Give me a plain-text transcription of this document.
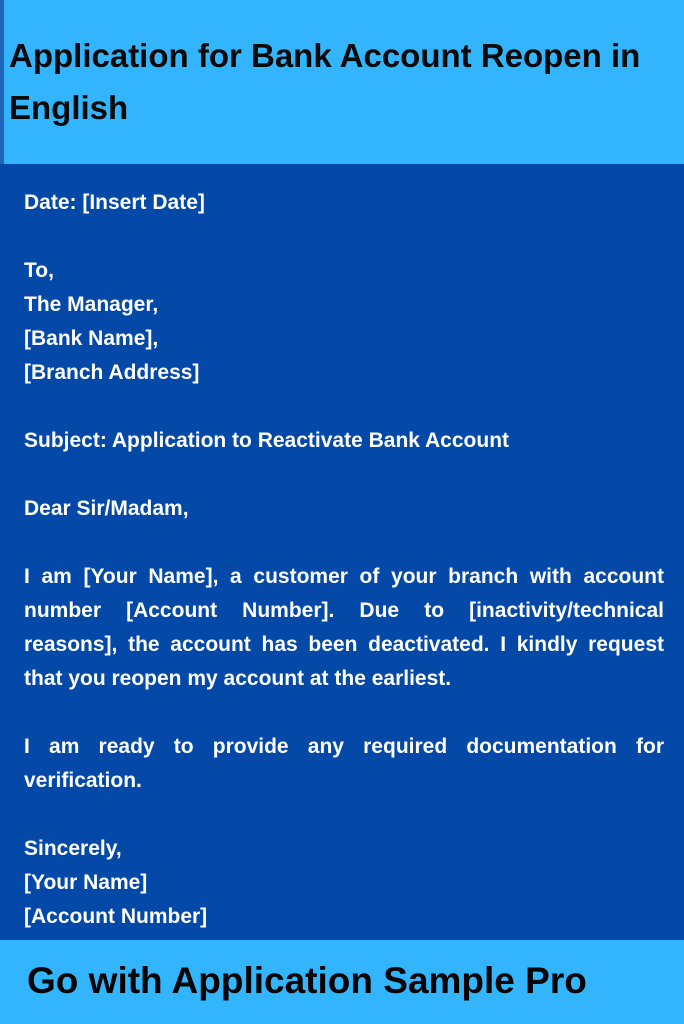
Application for Bank Account Reopen in English

Date: [Insert Date]

To,
The Manager,
[Bank Name],
[Branch Address]

Subject: Application to Reactivate Bank Account

Dear Sir/Madam,

I am [Your Name], a customer of your branch with account number [Account Number]. Due to [inactivity/technical reasons], the account has been deactivated. I kindly request that you reopen my account at the earliest.

I am ready to provide any required documentation for verification.

Sincerely,
[Your Name]
[Account Number]

Go with Application Sample Pro
